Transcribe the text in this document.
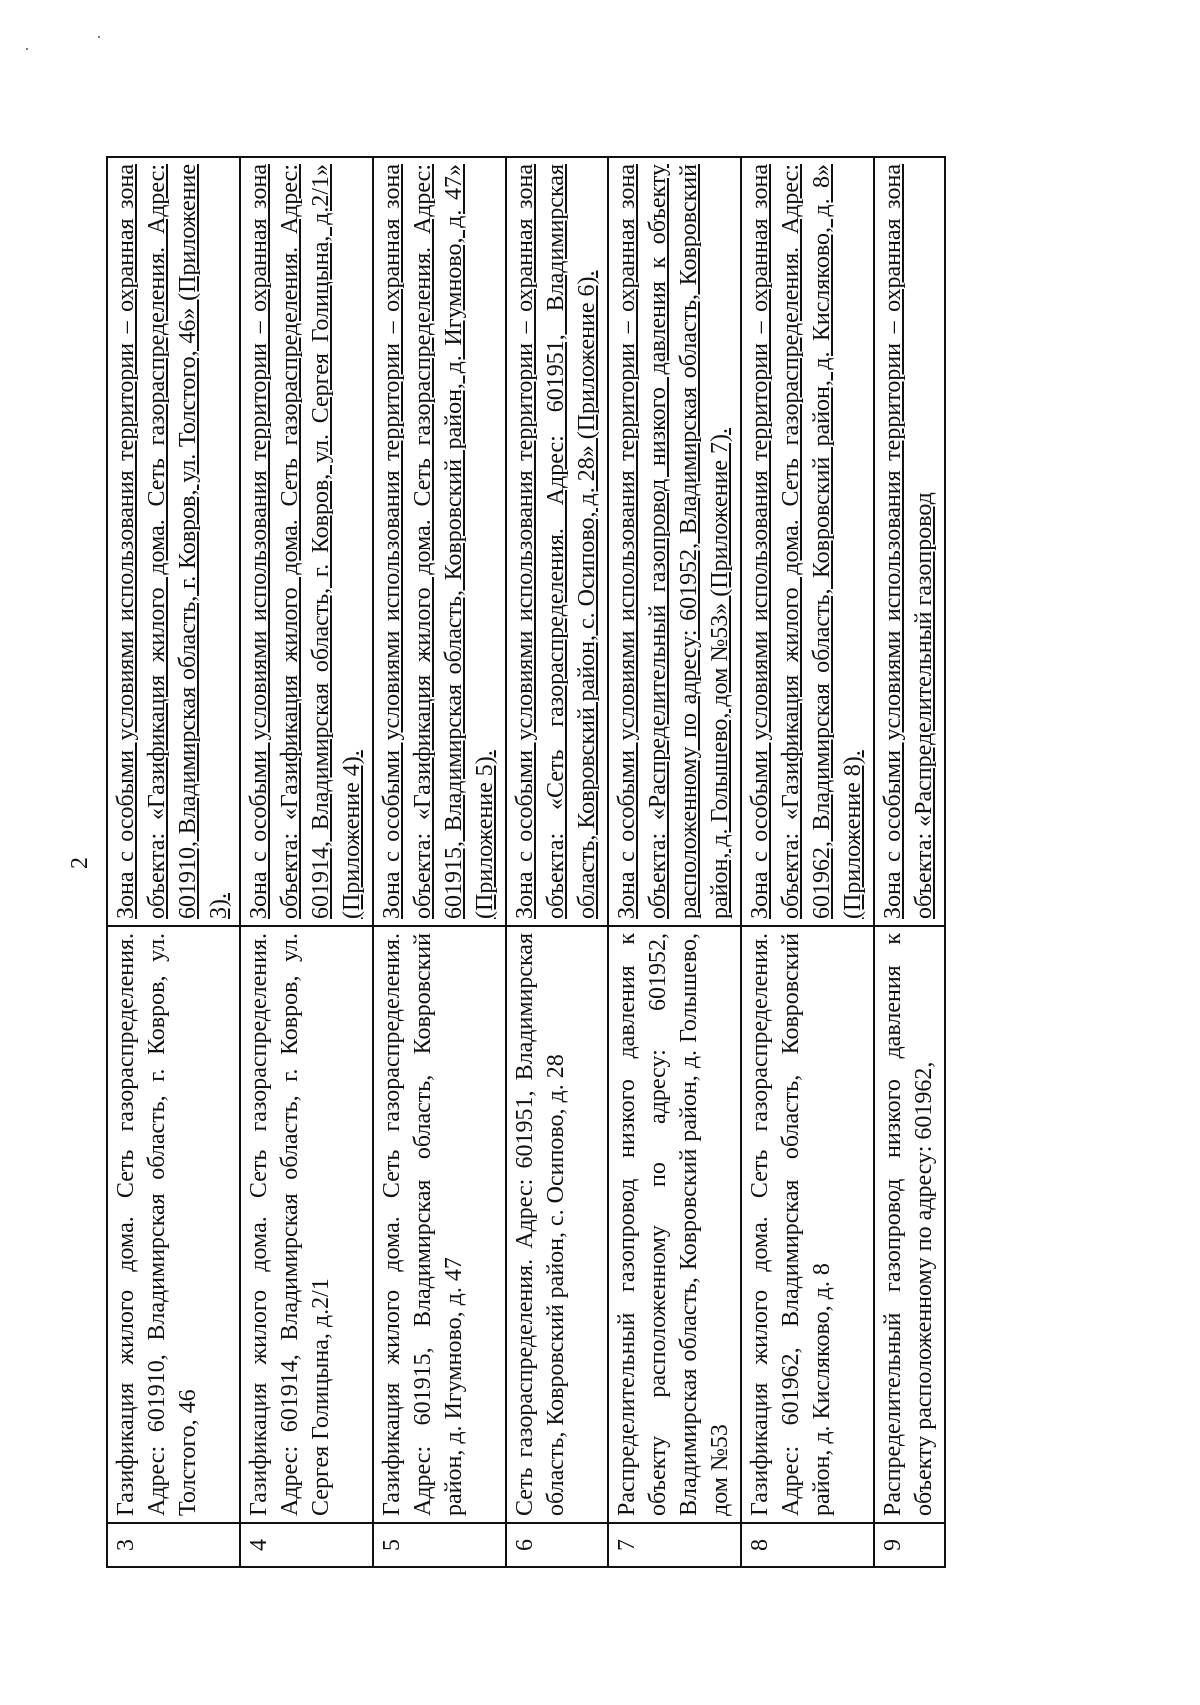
2
3	Газификация жилого дома. Сеть газораспределения. Адрес: 601910, Владимирская область, г. Ковров, ул. Толстого, 46	Зона с особыми условиями использования территории – охранная зона объекта: «Газификация жилого дома. Сеть газораспределения. Адрес: 601910, Владимирская область, г. Ковров, ул. Толстого, 46» (Приложение 3).
4	Газификация жилого дома. Сеть газораспределения. Адрес: 601914, Владимирская область, г. Ковров, ул. Сергея Голицына, д.2/1	Зона с особыми условиями использования территории – охранная зона объекта: «Газификация жилого дома. Сеть газораспределения. Адрес: 601914, Владимирская область, г. Ковров, ул. Сергея Голицына, д.2/1» (Приложение 4).
5	Газификация жилого дома. Сеть газораспределения. Адрес: 601915, Владимирская область, Ковровский район, д. Игумново, д. 47	Зона с особыми условиями использования территории – охранная зона объекта: «Газификация жилого дома. Сеть газораспределения. Адрес: 601915, Владимирская область, Ковровский район, д. Игумново, д. 47» (Приложение 5).
6	Сеть газораспределения. Адрес: 601951, Владимирская область, Ковровский район, с. Осипово, д. 28	Зона с особыми условиями использования территории – охранная зона объекта: «Сеть газораспределения. Адрес: 601951, Владимирская область, Ковровский район, с. Осипово, д. 28» (Приложение 6).
7	Распределительный газопровод низкого давления к объекту расположенному по адресу: 601952, Владимирская область, Ковровский район, д. Голышево, дом №53	Зона с особыми условиями использования территории – охранная зона объекта: «Распределительный газопровод низкого давления к объекту расположенному по адресу: 601952, Владимирская область, Ковровский район, д. Голышево, дом №53» (Приложение 7).
8	Газификация жилого дома. Сеть газораспределения. Адрес: 601962, Владимирская область, Ковровский район, д. Кисляково, д. 8	Зона с особыми условиями использования территории – охранная зона объекта: «Газификация жилого дома. Сеть газораспределения. Адрес: 601962, Владимирская область, Ковровский район, д. Кисляково, д. 8» (Приложение 8).
9	Распределительный газопровод низкого давления к объекту расположенному по адресу: 601962,	Зона с особыми условиями использования территории – охранная зона объекта: «Распределительный газопровод
